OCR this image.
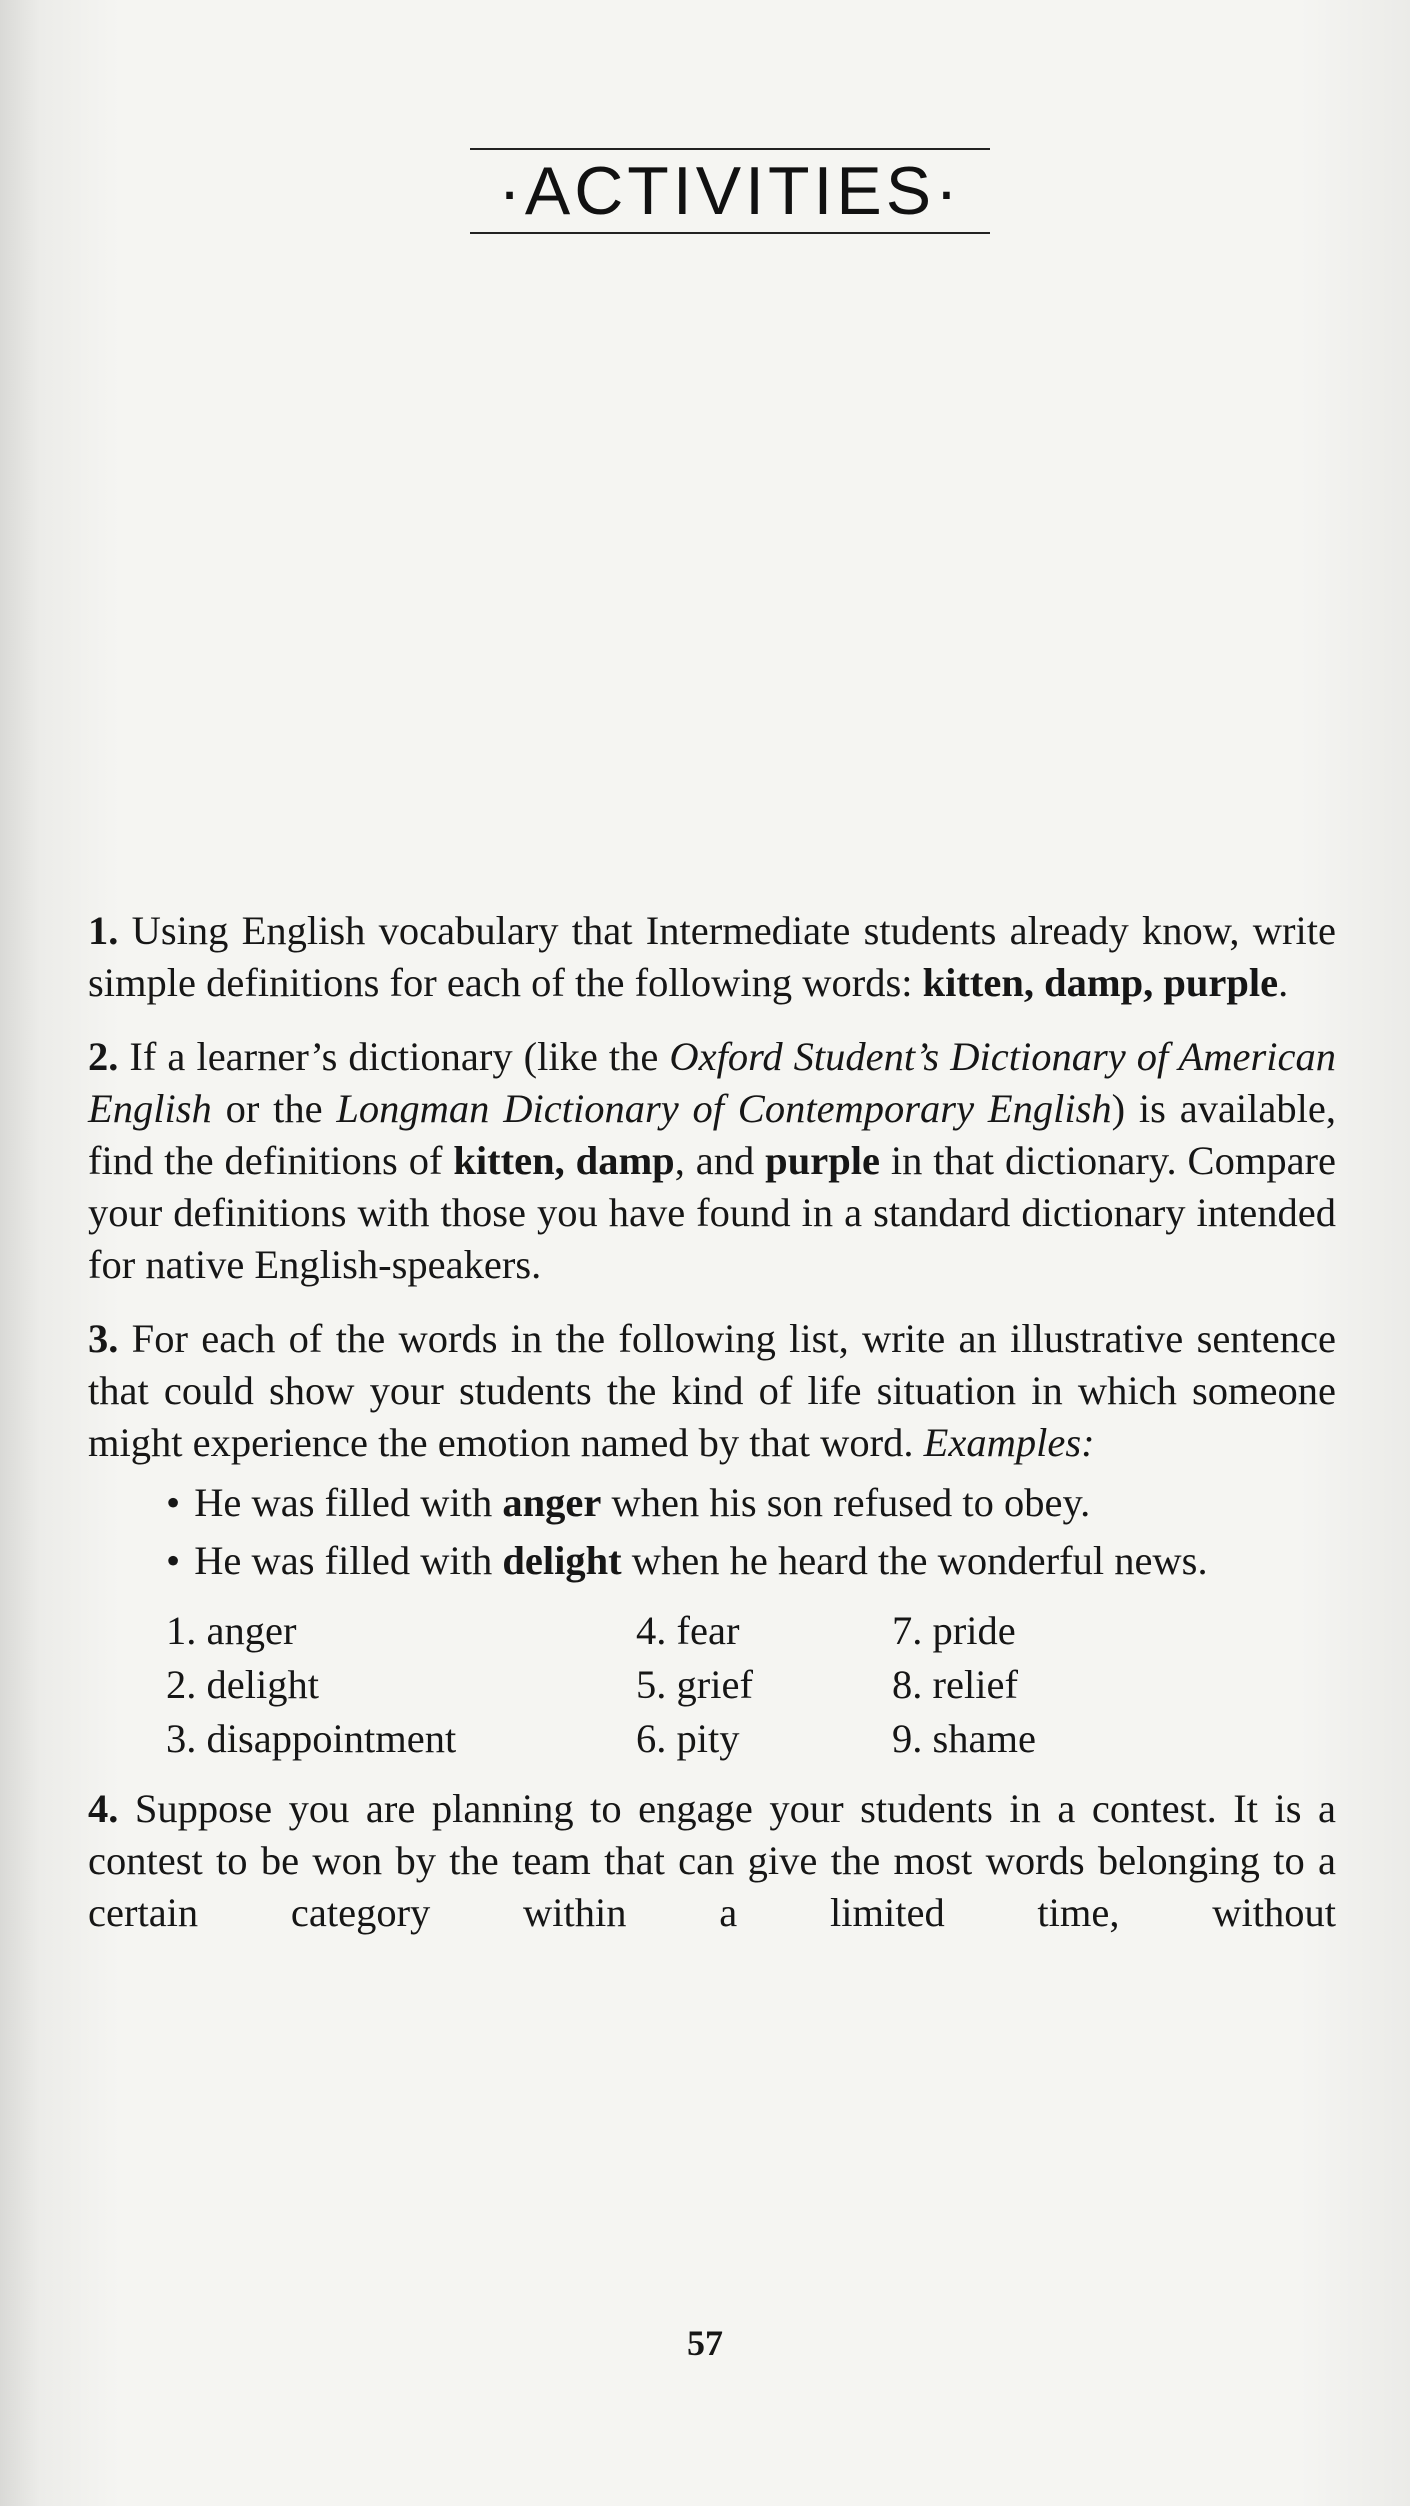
·ACTIVITIES·
1. Using English vocabulary that Intermediate students already know, write simple definitions for each of the following words: kitten, damp, purple.
2. If a learner’s dictionary (like the Oxford Student’s Dictionary of American English or the Longman Dictionary of Contemporary English) is available, find the definitions of kitten, damp, and purple in that dictionary. Compare your definitions with those you have found in a standard dictionary intended for native English-speakers.
3. For each of the words in the following list, write an illustrative sentence that could show your students the kind of life situation in which someone might experience the emotion named by that word. Examples:
• He was filled with anger when his son refused to obey.
• He was filled with delight when he heard the wonderful news.
1. anger	4. fear	7. pride
2. delight	5. grief	8. relief
3. disappointment	6. pity	9. shame
4. Suppose you are planning to engage your students in a contest. It is a contest to be won by the team that can give the most words belonging to a certain category within a limited time, without
57
